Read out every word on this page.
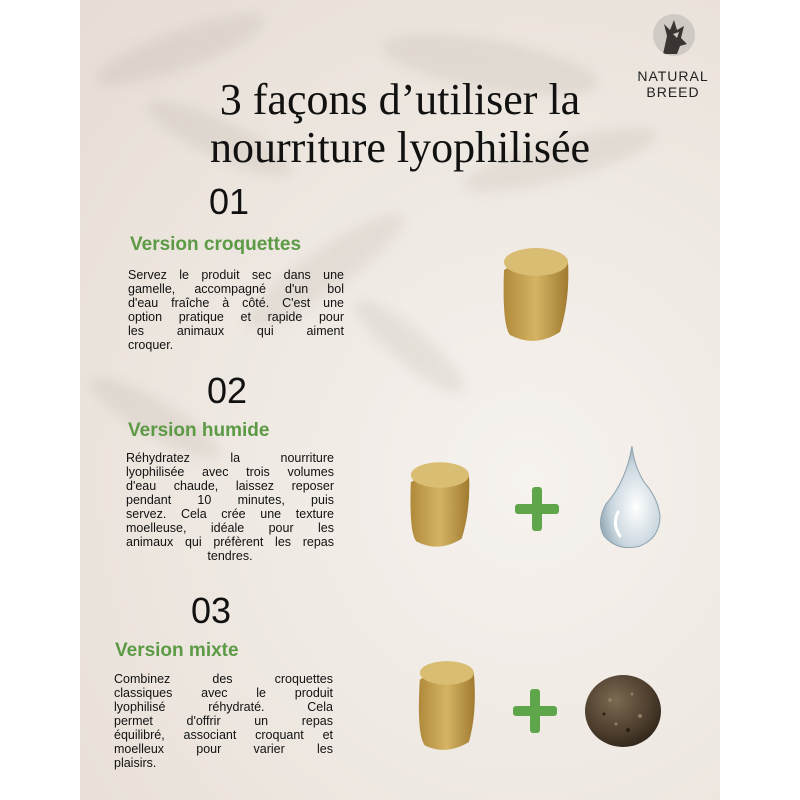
NATURAL
BREED
3 façons d’utiliser la
nourriture lyophilisée
01
Version croquettes
Servez le produit sec dans une
gamelle, accompagné d'un bol
d'eau fraîche à côté. C'est une
option pratique et rapide pour
les animaux qui aiment
croquer.
02
Version humide
Réhydratez la nourriture
lyophilisée avec trois volumes
d'eau chaude, laissez reposer
pendant 10 minutes, puis
servez. Cela crée une texture
moelleuse, idéale pour les
animaux qui préfèrent les repas
tendres.
03
Version mixte
Combinez des croquettes
classiques avec le produit
lyophilisé réhydraté. Cela
permet d'offrir un repas
équilibré, associant croquant et
moelleux pour varier les
plaisirs.
